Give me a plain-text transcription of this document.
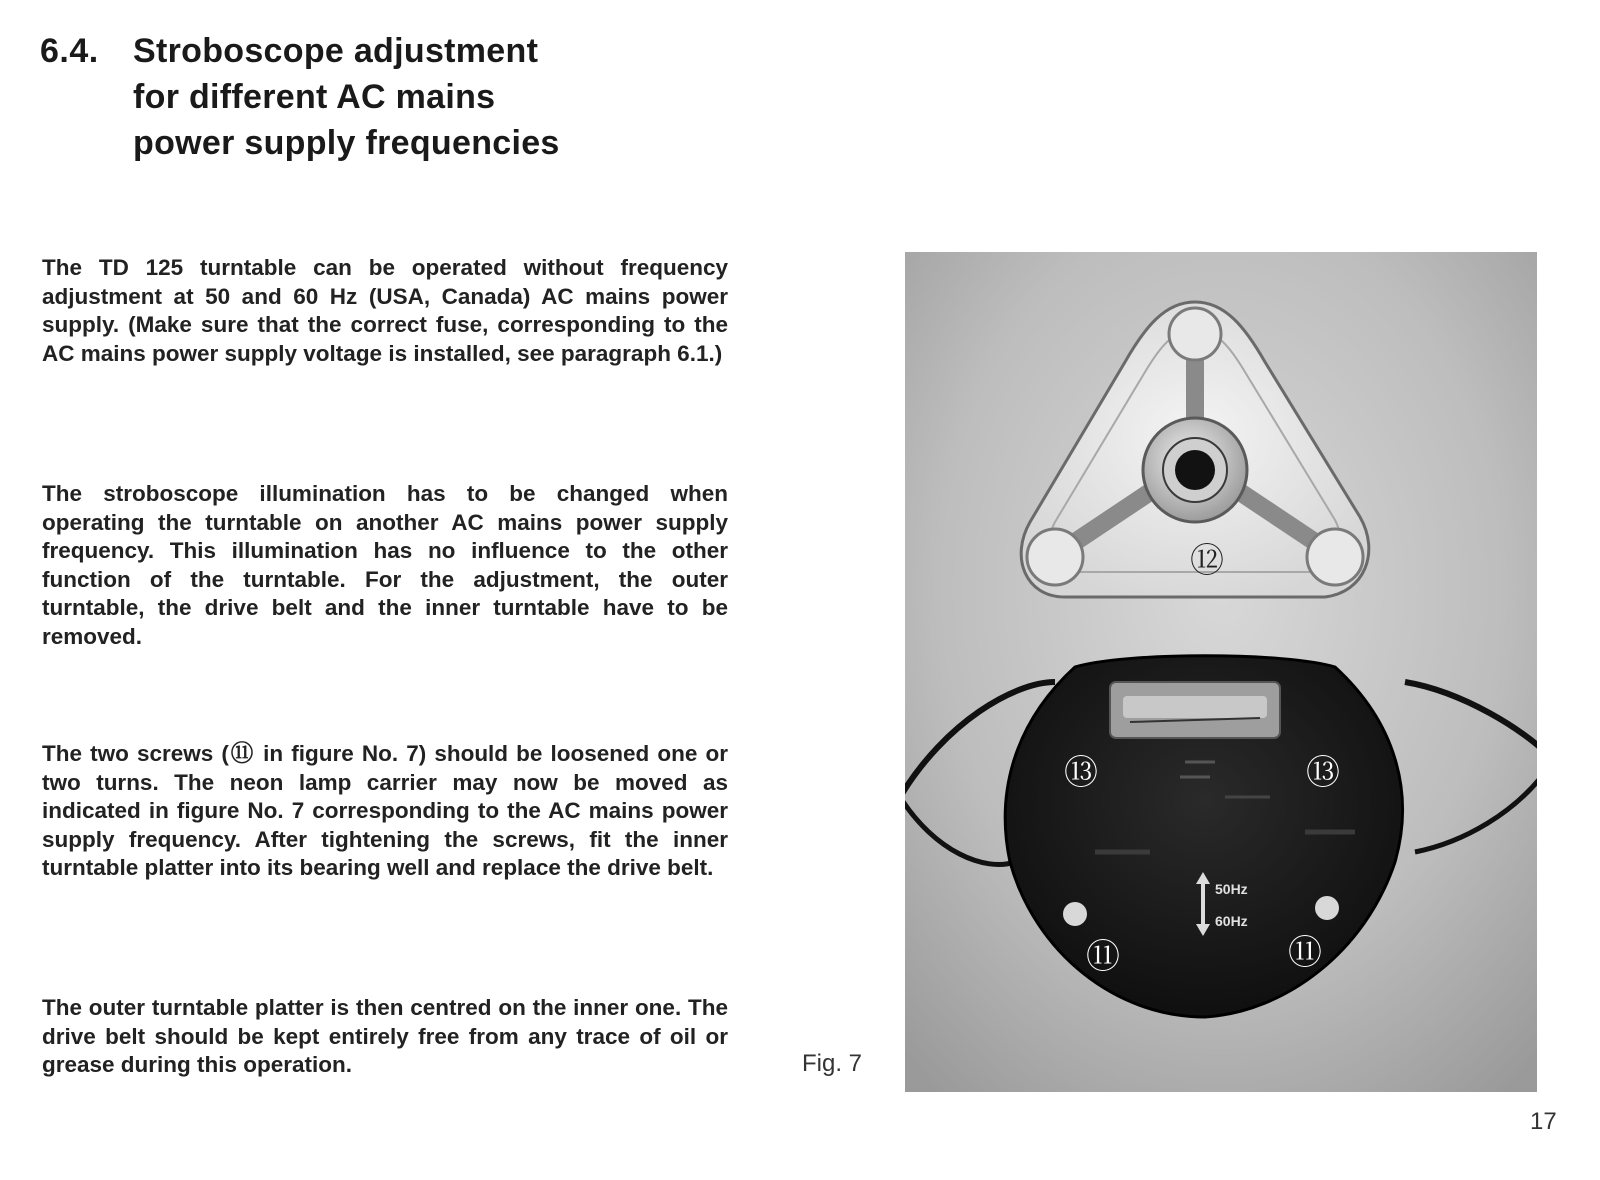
6.4. Stroboscope adjustment
for different AC mains
power supply frequencies

The TD 125 turntable can be operated without frequency adjustment at 50 and 60 Hz (USA, Canada) AC mains power supply. (Make sure that the correct fuse, corresponding to the AC mains power supply voltage is installed, see paragraph 6.1.)

The stroboscope illumination has to be changed when operating the turntable on another AC mains power supply frequency. This illumination has no influence to the other function of the turntable. For the adjustment, the outer turntable, the drive belt and the inner turntable have to be removed.

The two screws (⑪ in figure No. 7) should be loosened one or two turns. The neon lamp carrier may now be moved as indicated in figure No. 7 corresponding to the AC mains power supply frequency. After tightening the screws, fit the inner turntable platter into its bearing well and replace the drive belt.

The outer turntable platter is then centred on the inner one. The drive belt should be kept entirely free from any trace of oil or grease during this operation.

⑫
⑬	⑬
⑪	⑪
50Hz
60Hz
Fig. 7
17
